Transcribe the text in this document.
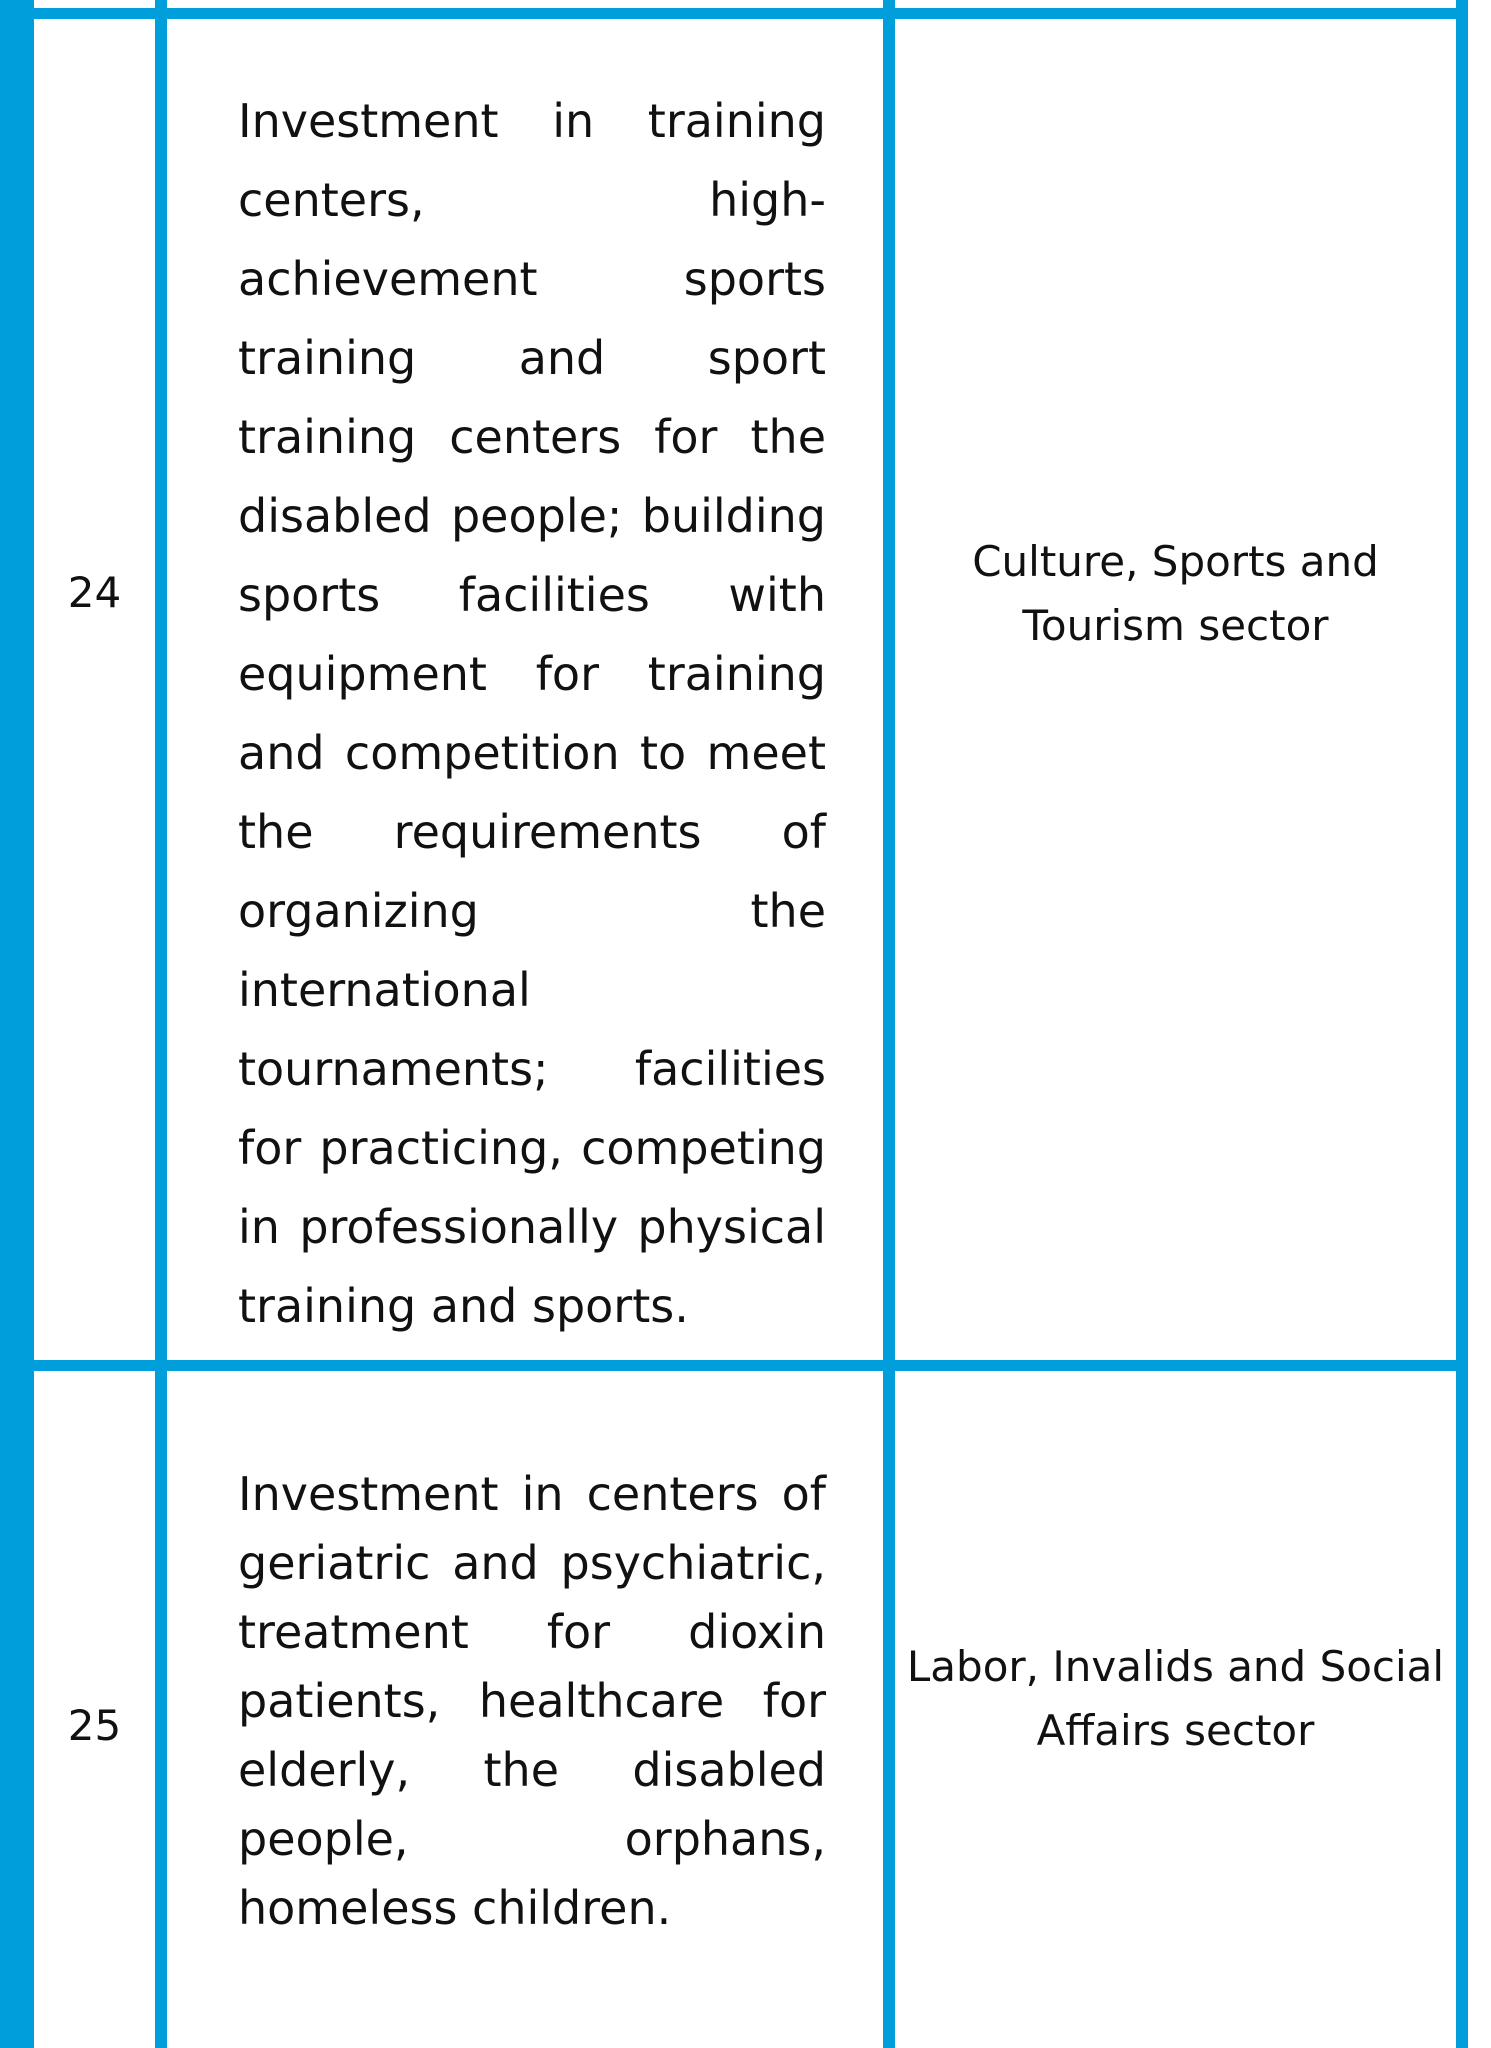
24
Investment in training centers, high-achievement sports training and sport training centers for the disabled people; building sports facilities with equipment for training and competition to meet the requirements of organizing the international tournaments; facilities for practicing, competing in professionally physical training and sports.
Culture, Sports and Tourism sector
25
Investment in centers of geriatric and psychiatric, treatment for dioxin patients, healthcare for elderly, the disabled people, orphans, homeless children.
Labor, Invalids and Social Affairs sector
